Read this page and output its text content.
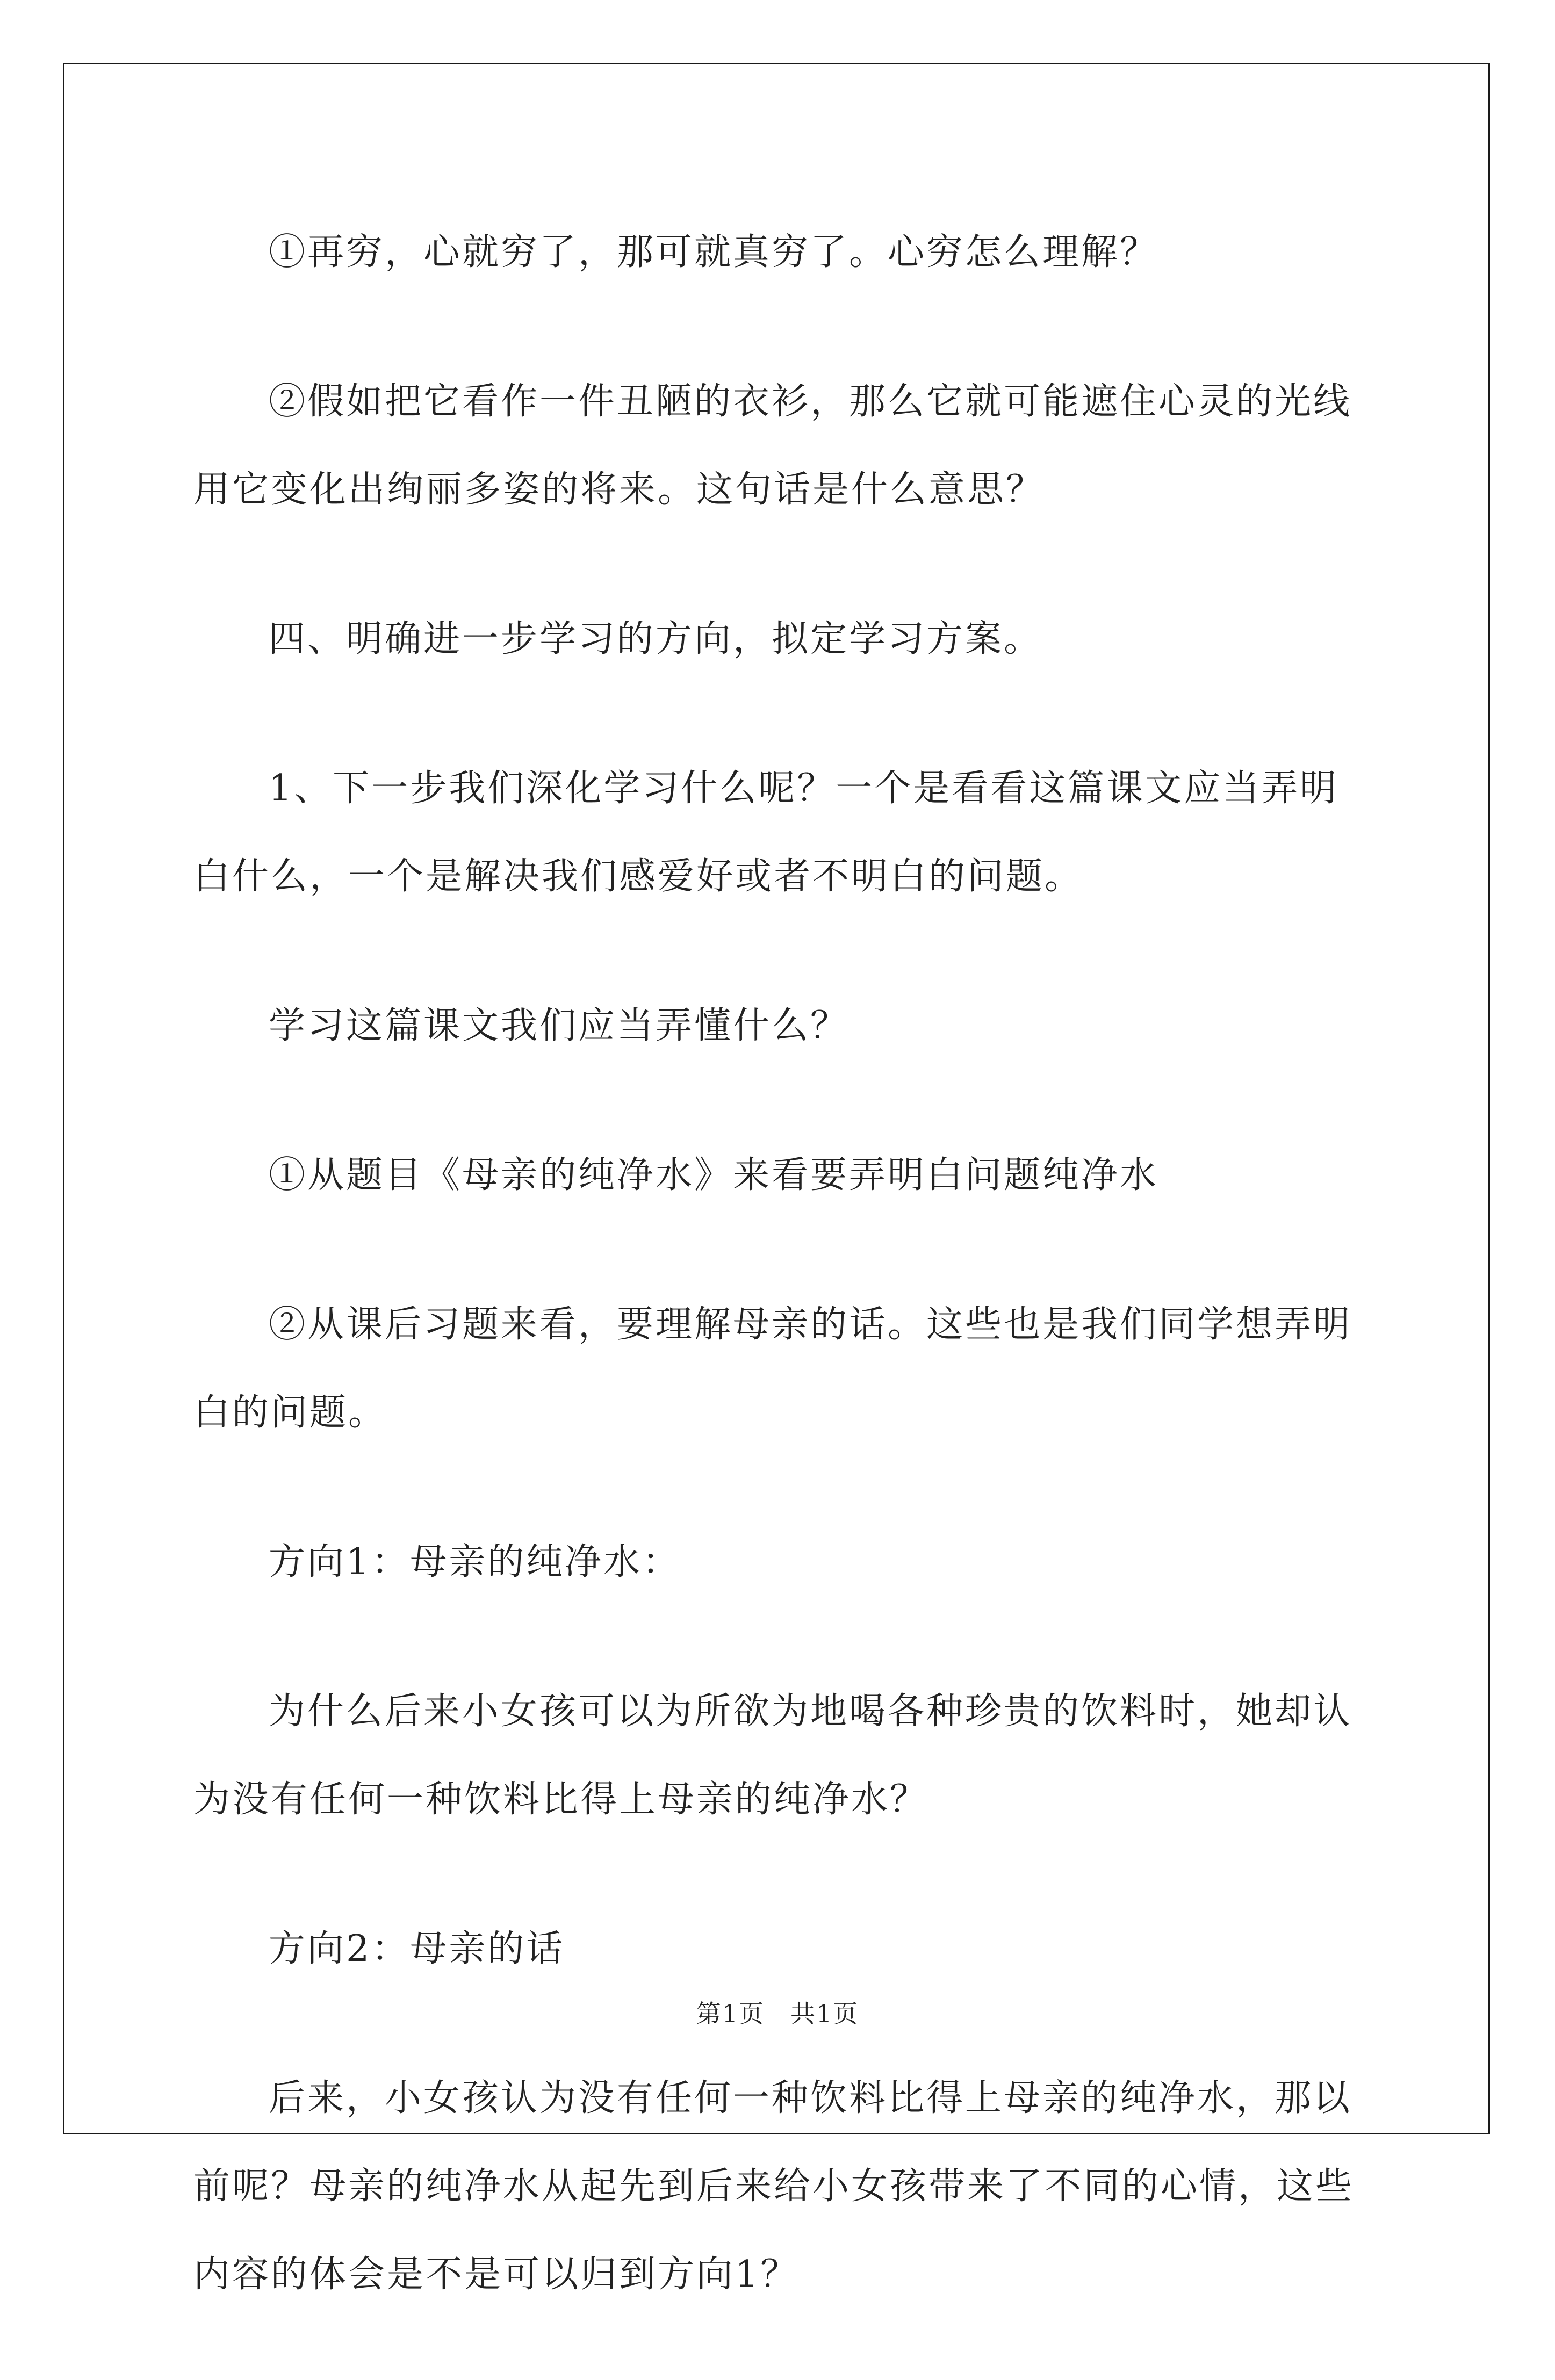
①再穷，心就穷了，那可就真穷了。心穷怎么理解？

②假如把它看作一件丑陋的衣衫，那么它就可能遮住心灵的光线用它变化出绚丽多姿的将来。这句话是什么意思？

四、明确进一步学习的方向，拟定学习方案。

1、下一步我们深化学习什么呢？一个是看看这篇课文应当弄明白什么，一个是解决我们感爱好或者不明白的问题。

学习这篇课文我们应当弄懂什么？

①从题目《母亲的纯净水》来看要弄明白问题纯净水

②从课后习题来看，要理解母亲的话。这些也是我们同学想弄明白的问题。

方向1：母亲的纯净水：

为什么后来小女孩可以为所欲为地喝各种珍贵的饮料时，她却认为没有任何一种饮料比得上母亲的纯净水？

方向2：母亲的话

后来，小女孩认为没有任何一种饮料比得上母亲的纯净水，那以前呢？母亲的纯净水从起先到后来给小女孩带来了不同的心情，这些内容的体会是不是可以归到方向1？

第1页　共1页
